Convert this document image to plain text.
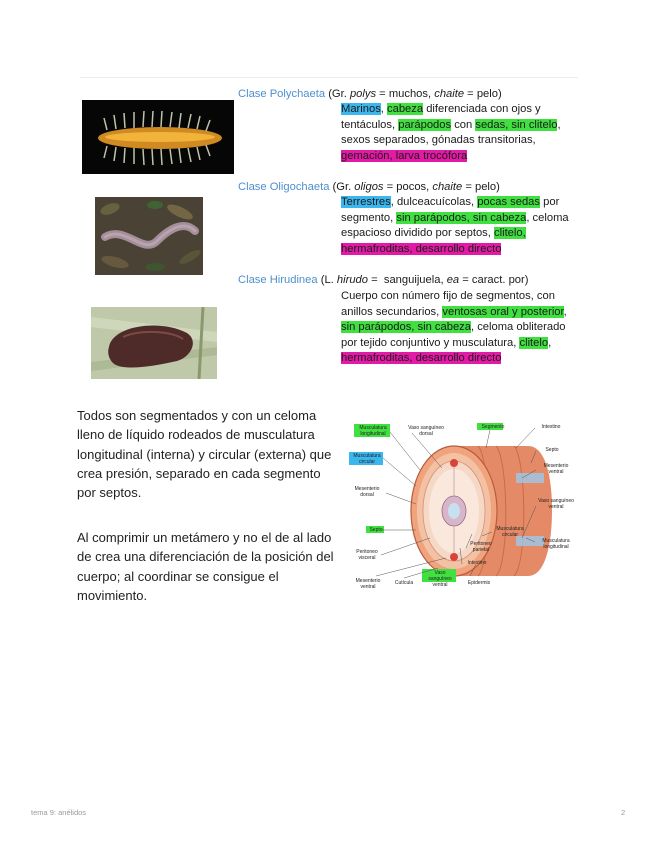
Clase Polychaeta (Gr. polys = muchos, chaite = pelo)
Clase Oligochaeta (Gr. oligos = pocos, chaite = pelo)
Clase Hirudinea (L. hirudo =  sanguijuela, ea = caract. por)
Marinos, cabeza diferenciada con ojos y
tentáculos, parápodos con sedas, sin clitelo,
sexos separados, gónadas transitorias,
gemación, larva trocófora
Terrestres, dulceacuícolas, pocas sedas por
segmento, sin parápodos, sin cabeza, celoma
espacioso dividido por septos, clitelo,
hermafroditas, desarrollo directo
Cuerpo con número fijo de segmentos, con
anillos secundarios, ventosas oral y posterior,
sin parápodos, sin cabeza, celoma obliterado
por tejido conjuntivo y musculatura, clitelo,
hermafroditas, desarrollo directo
Todos son segmentados y con un celoma lleno de líquido rodeados de musculatura longitudinal (interna) y circular (externa) que crea presión, separado en cada segmento por septos.
Al comprimir un metámero y no el de al lado de crea una diferenciación de la posición del cuerpo; al coordinar se consigue el movimiento.
Musculatura longitudinal
Vaso sanguíneo dorsal
Segmento	Intestino
Septo
Musculatura circular
Mesenterio dorsal
Mesenterio ventral
Vaso sanguíneo ventral
Septo	Musculatura circular
Musculatura longitudinal
Peritoneo parietal
Peritoneo visceral
Intestino
Mesenterio ventral
Cutícula
Vaso sanguíneo ventral	Epidermis
tema 9: anélidos	2
